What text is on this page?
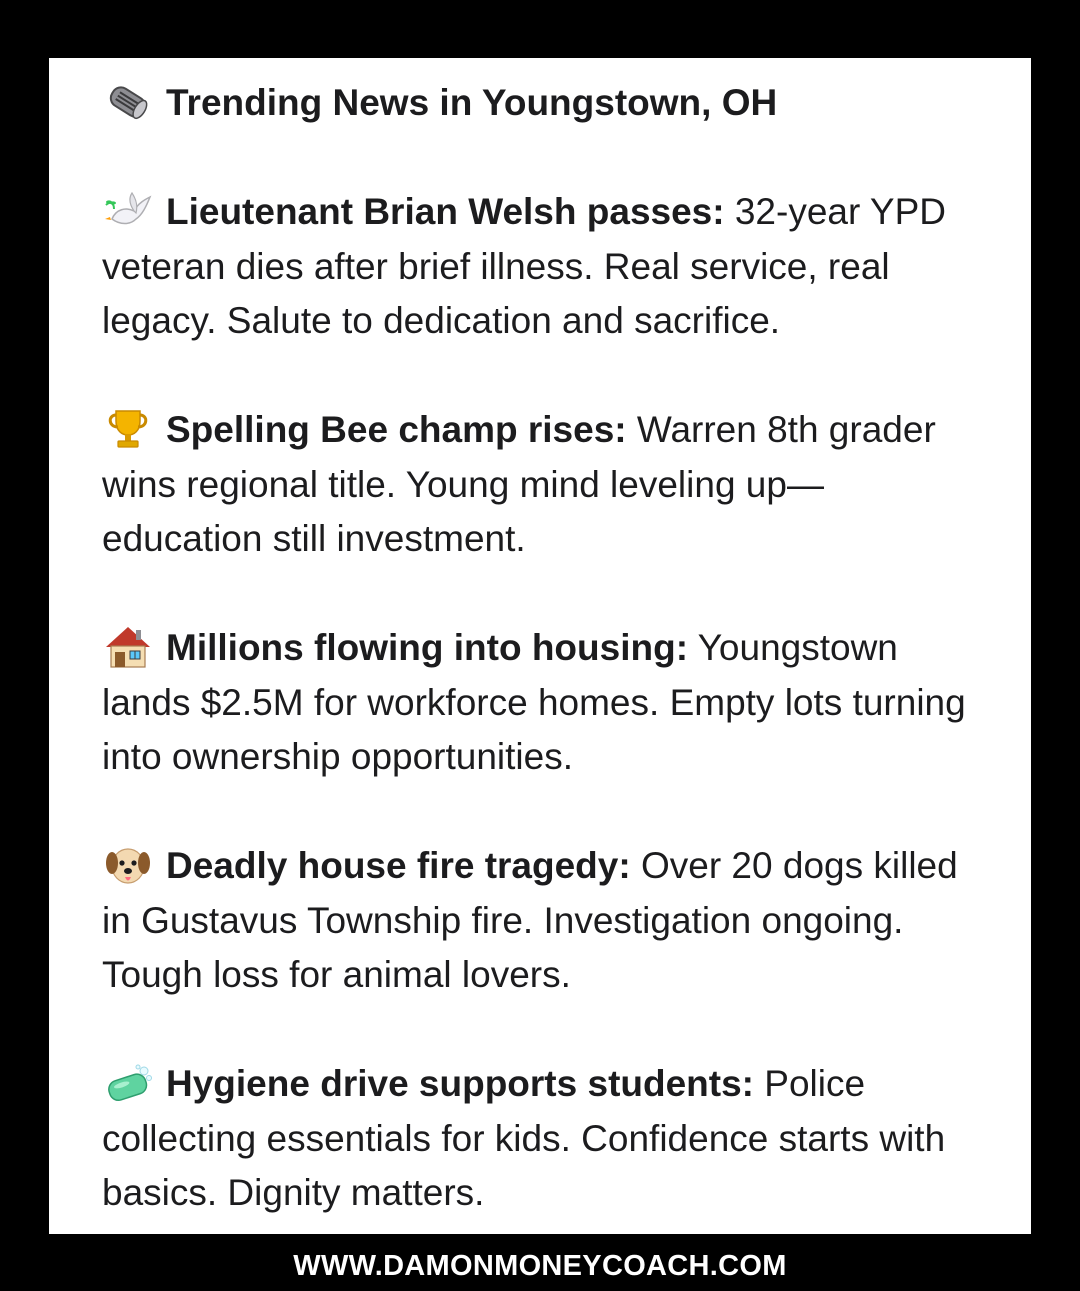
Trending News in Youngstown, OH

Lieutenant Brian Welsh passes: 32-year YPD veteran dies after brief illness. Real service, real legacy. Salute to dedication and sacrifice.

Spelling Bee champ rises: Warren 8th grader wins regional title. Young mind leveling up—education still investment.

Millions flowing into housing: Youngstown lands $2.5M for workforce homes. Empty lots turning into ownership opportunities.

Deadly house fire tragedy: Over 20 dogs killed in Gustavus Township fire. Investigation ongoing. Tough loss for animal lovers.

Hygiene drive supports students: Police collecting essentials for kids. Confidence starts with basics. Dignity matters.

WWW.DAMONMONEYCOACH.COM
